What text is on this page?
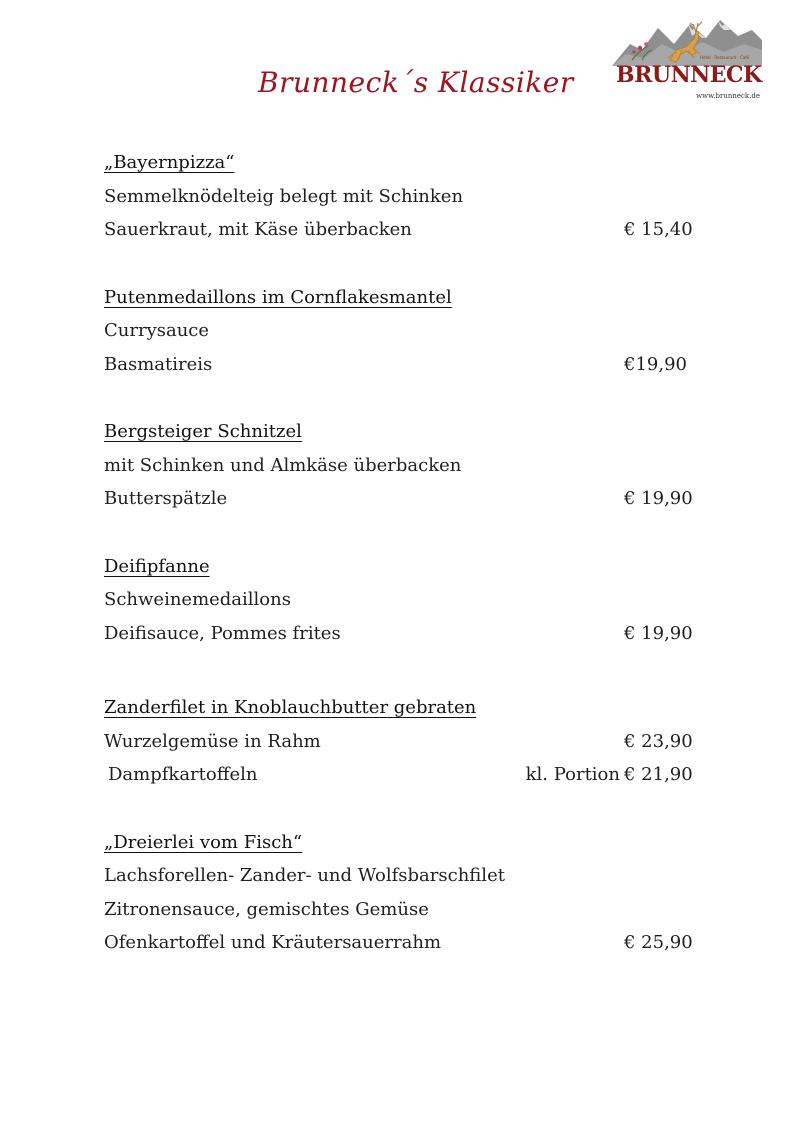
Brunneck´s Klassiker
Hotel · Restaurant · Café
BRUNNECK
www.brunneck.de
„Bayernpizza“
Semmelknödelteig belegt mit Schinken
Sauerkraut, mit Käse überbacken	€ 15,40
Putenmedaillons im Cornflakesmantel
Currysauce
Basmatireis	€19,90
Bergsteiger Schnitzel
mit Schinken und Almkäse überbacken
Butterspätzle	€ 19,90
Deifipfanne
Schweinemedaillons
Deifisauce, Pommes frites	€ 19,90
Zanderfilet in Knoblauchbutter gebraten
Wurzelgemüse in Rahm	€ 23,90
Dampfkartoffeln	kl. Portion € 21,90
„Dreierlei vom Fisch“
Lachsforellen- Zander- und Wolfsbarschfilet
Zitronensauce, gemischtes Gemüse
Ofenkartoffel und Kräutersauerrahm	€ 25,90
